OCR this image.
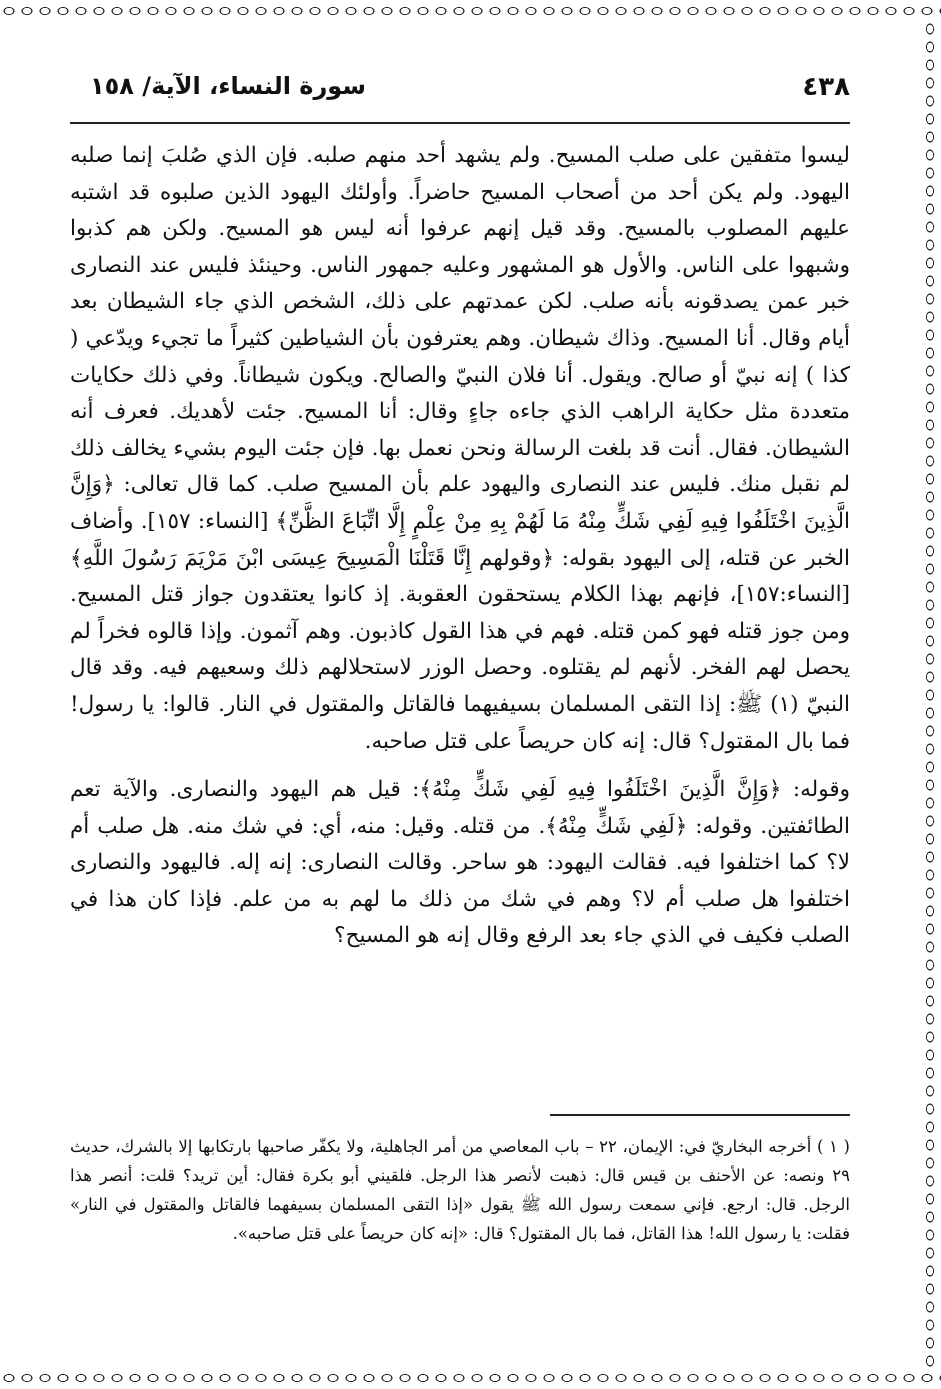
٤٣٨
سورة النساء، الآية/ ١٥٨

ليسوا متفقين على صلب المسيح. ولم يشهد أحد منهم صلبه. فإن الذي صُلبَ إنما صلبه اليهود. ولم يكن أحد من أصحاب المسيح حاضراً. وأولئك اليهود الذين صلبوه قد اشتبه عليهم المصلوب بالمسيح. وقد قيل إنهم عرفوا أنه ليس هو المسيح. ولكن هم كذبوا وشبهوا على الناس. والأول هو المشهور وعليه جمهور الناس. وحينئذ فليس عند النصارى خبر عمن يصدقونه بأنه صلب. لكن عمدتهم على ذلك، الشخص الذي جاء الشيطان بعد أيام وقال. أنا المسيح. وذاك شيطان. وهم يعترفون بأن الشياطين كثيراً ما تجيء ويدّعي ( كذا ) إنه نبيّ أو صالح. ويقول. أنا فلان النبيّ والصالح. ويكون شيطاناً. وفي ذلك حكايات متعددة مثل حكاية الراهب الذي جاءه جاءٍ وقال: أنا المسيح. جئت لأهديك. فعرف أنه الشيطان. فقال. أنت قد بلغت الرسالة ونحن نعمل بها. فإن جئت اليوم بشيء يخالف ذلك لم نقبل منك. فليس عند النصارى واليهود علم بأن المسيح صلب. كما قال تعالى: ﴿وَإِنَّ الَّذِينَ اخْتَلَفُوا فِيهِ لَفِي شَكٍّ مِنْهُ مَا لَهُمْ بِهِ مِنْ عِلْمٍ إِلَّا اتِّبَاعَ الظَّنِّ﴾ [النساء: ١٥٧]. وأضاف الخبر عن قتله، إلى اليهود بقوله: ﴿وقولهم إِنَّا قَتَلْنَا الْمَسِيحَ عِيسَى ابْنَ مَرْيَمَ رَسُولَ اللَّهِ﴾ [النساء:١٥٧]، فإنهم بهذا الكلام يستحقون العقوبة. إذ كانوا يعتقدون جواز قتل المسيح. ومن جوز قتله فهو كمن قتله. فهم في هذا القول كاذبون. وهم آثمون. وإذا قالوه فخراً لم يحصل لهم الفخر. لأنهم لم يقتلوه. وحصل الوزر لاستحلالهم ذلك وسعيهم فيه. وقد قال النبيّ (١) ﷺ: إذا التقى المسلمان بسيفيهما فالقاتل والمقتول في النار. قالوا: يا رسول! فما بال المقتول؟ قال: إنه كان حريصاً على قتل صاحبه.

وقوله: ﴿وَإِنَّ الَّذِينَ اخْتَلَفُوا فِيهِ لَفِي شَكٍّ مِنْهُ﴾: قيل هم اليهود والنصارى. والآية تعم الطائفتين. وقوله: ﴿لَفِي شَكٍّ مِنْهُ﴾. من قتله. وقيل: منه، أي: في شك منه. هل صلب أم لا؟ كما اختلفوا فيه. فقالت اليهود: هو ساحر. وقالت النصارى: إنه إله. فاليهود والنصارى اختلفوا هل صلب أم لا؟ وهم في شك من ذلك ما لهم به من علم. فإذا كان هذا في الصلب فكيف في الذي جاء بعد الرفع وقال إنه هو المسيح؟

( ١ ) أخرجه البخاريّ في: الإيمان، ٢٢ – باب المعاصي من أمر الجاهلية، ولا يكفّر صاحبها بارتكابها إلا بالشرك، حديث ٢٩ ونصه: عن الأحنف بن قيس قال: ذهبت لأنصر هذا الرجل. فلقيني أبو بكرة فقال: أين تريد؟ قلت: أنصر هذا الرجل. قال: ارجع. فإني سمعت رسول الله ﷺ يقول «إذا التقى المسلمان بسيفهما فالقاتل والمقتول في النار» فقلت: يا رسول الله! هذا القاتل، فما بال المقتول؟ قال: «إنه كان حريصاً على قتل صاحبه».
